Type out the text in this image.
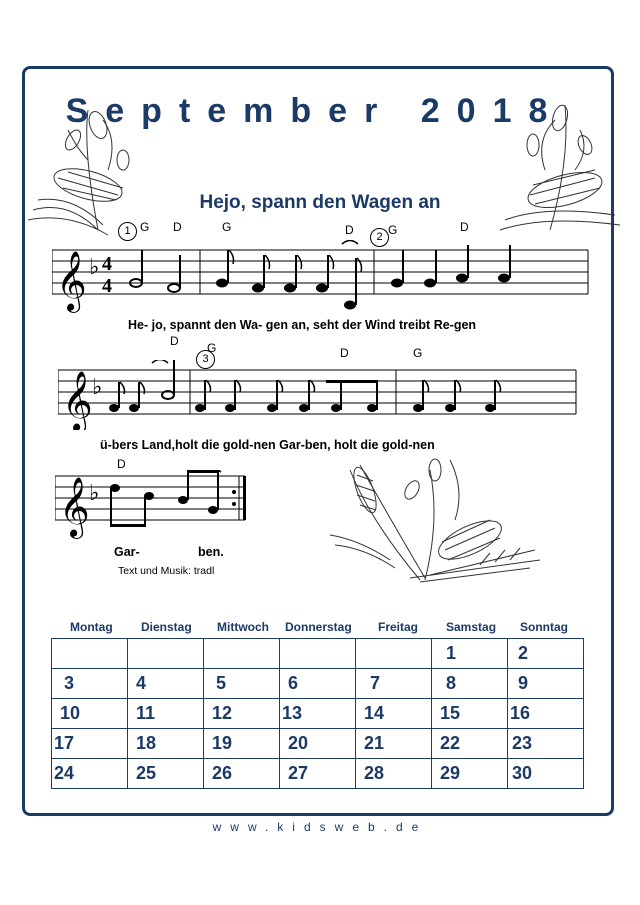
September 2018
Hejo, spann den Wagen an
𝄞 ♭ 4
4
1	2
G D	G	D	G	D
He- jo, spannt den Wa- gen an, seht der Wind treibt Re-gen
𝄞 ♭
3
D G	D	G
ü-bers Land,holt die gold-nen Gar-ben, holt die gold-nen
𝄞 ♭
D
Gar-	ben.
Text und Musik: tradl
Montag Dienstag Mittwoch Donnerstag Freitag Samstag Sonntag
					1	2
3	4	5	6	7	8	9
10	11	12	13	14	15	16
17	18	19	20	21	22	23
24	25	26	27	28	29	30
www.kidsweb.de
